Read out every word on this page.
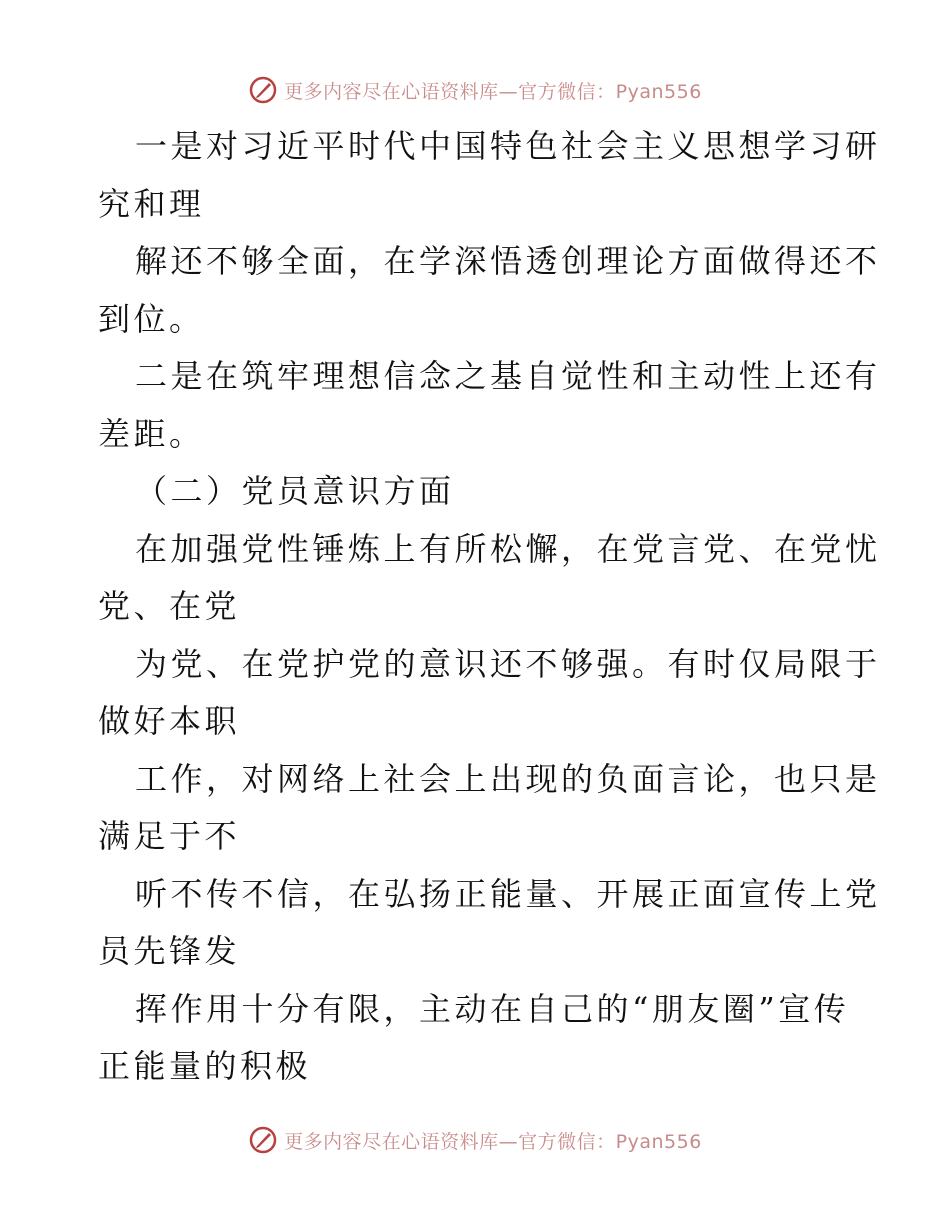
更多内容尽在心语资料库—官方微信：Pyan556
一是对习近平时代中国特色社会主义思想学习研
究和理
解还不够全面，在学深悟透创理论方面做得还不
到位。
二是在筑牢理想信念之基自觉性和主动性上还有
差距。
（二）党员意识方面
在加强党性锤炼上有所松懈，在党言党、在党忧
党、在党
为党、在党护党的意识还不够强。有时仅局限于
做好本职
工作，对网络上社会上出现的负面言论，也只是
满足于不
听不传不信，在弘扬正能量、开展正面宣传上党
员先锋发
挥作用十分有限，主动在自己的“朋友圈”宣传
正能量的积极
更多内容尽在心语资料库—官方微信：Pyan556
